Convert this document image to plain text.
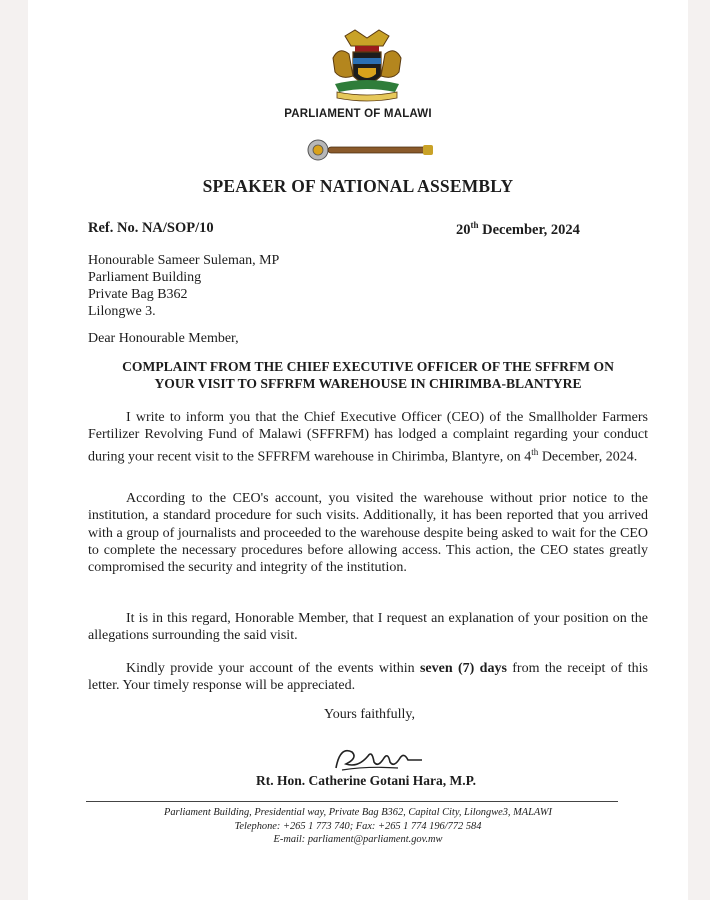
PARLIAMENT OF MALAWI
SPEAKER OF NATIONAL ASSEMBLY
Ref. No. NA/SOP/10	20th December, 2024
Honourable Sameer Suleman, MP
Parliament Building
Private Bag B362
Lilongwe 3.
Dear Honourable Member,
COMPLAINT FROM THE CHIEF EXECUTIVE OFFICER OF THE SFFRFM ON
YOUR VISIT TO SFFRFM WAREHOUSE IN CHIRIMBA-BLANTYRE
I write to inform you that the Chief Executive Officer (CEO) of the Smallholder Farmers Fertilizer Revolving Fund of Malawi (SFFRFM) has lodged a complaint regarding your conduct during your recent visit to the SFFRFM warehouse in Chirimba, Blantyre, on 4th December, 2024.
According to the CEO's account, you visited the warehouse without prior notice to the institution, a standard procedure for such visits. Additionally, it has been reported that you arrived with a group of journalists and proceeded to the warehouse despite being asked to wait for the CEO to complete the necessary procedures before allowing access. This action, the CEO states greatly compromised the security and integrity of the institution.
It is in this regard, Honorable Member, that I request an explanation of your position on the allegations surrounding the said visit.
Kindly provide your account of the events within seven (7) days from the receipt of this letter. Your timely response will be appreciated.
Yours faithfully,
Rt. Hon. Catherine Gotani Hara, M.P.
Parliament Building, Presidential way, Private Bag B362, Capital City, Lilongwe3, MALAWI
Telephone: +265 1 773 740; Fax: +265 1 774 196/772 584
E-mail: parliament@parliament.gov.mw
